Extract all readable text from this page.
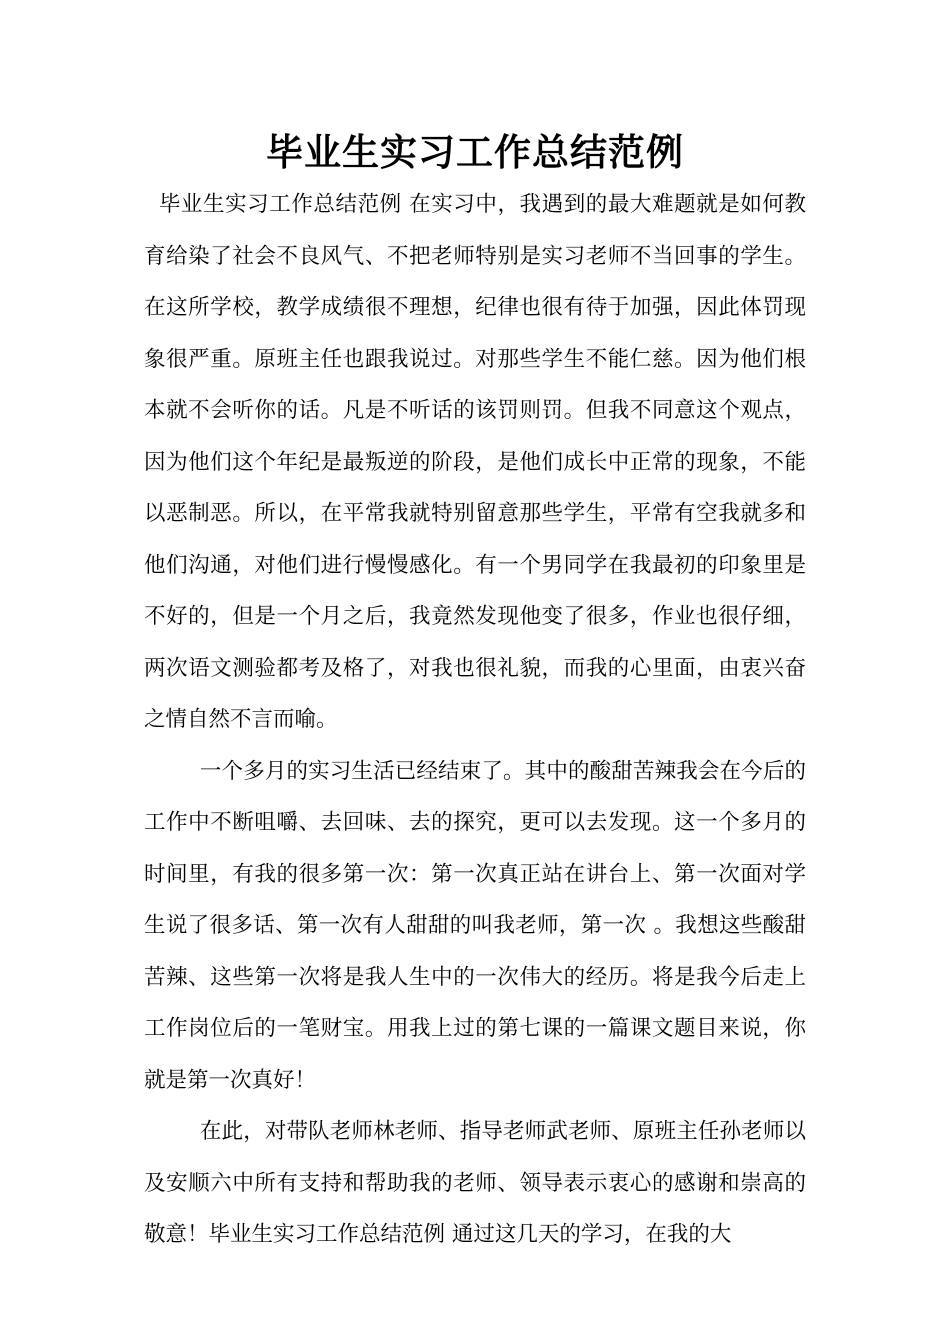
毕业生实习工作总结范例

毕业生实习工作总结范例 在实习中，我遇到的最大难题就是如何教育给染了社会不良风气、不把老师特别是实习老师不当回事的学生。在这所学校，教学成绩很不理想，纪律也很有待于加强，因此体罚现象很严重。原班主任也跟我说过。对那些学生不能仁慈。因为他们根本就不会听你的话。凡是不听话的该罚则罚。但我不同意这个观点，因为他们这个年纪是最叛逆的阶段，是他们成长中正常的现象，不能以恶制恶。所以，在平常我就特别留意那些学生，平常有空我就多和他们沟通，对他们进行慢慢感化。有一个男同学在我最初的印象里是不好的，但是一个月之后，我竟然发现他变了很多，作业也很仔细，两次语文测验都考及格了，对我也很礼貌，而我的心里面，由衷兴奋之情自然不言而喻。

一个多月的实习生活已经结束了。其中的酸甜苦辣我会在今后的工作中不断咀嚼、去回味、去的探究，更可以去发现。这一个多月的时间里，有我的很多第一次：第一次真正站在讲台上、第一次面对学生说了很多话、第一次有人甜甜的叫我老师，第一次 。我想这些酸甜苦辣、这些第一次将是我人生中的一次伟大的经历。将是我今后走上工作岗位后的一笔财宝。用我上过的第七课的一篇课文题目来说，你就是第一次真好！

在此，对带队老师林老师、指导老师武老师、原班主任孙老师以及安顺六中所有支持和帮助我的老师、领导表示衷心的感谢和崇高的敬意！毕业生实习工作总结范例 通过这几天的学习，在我的大
